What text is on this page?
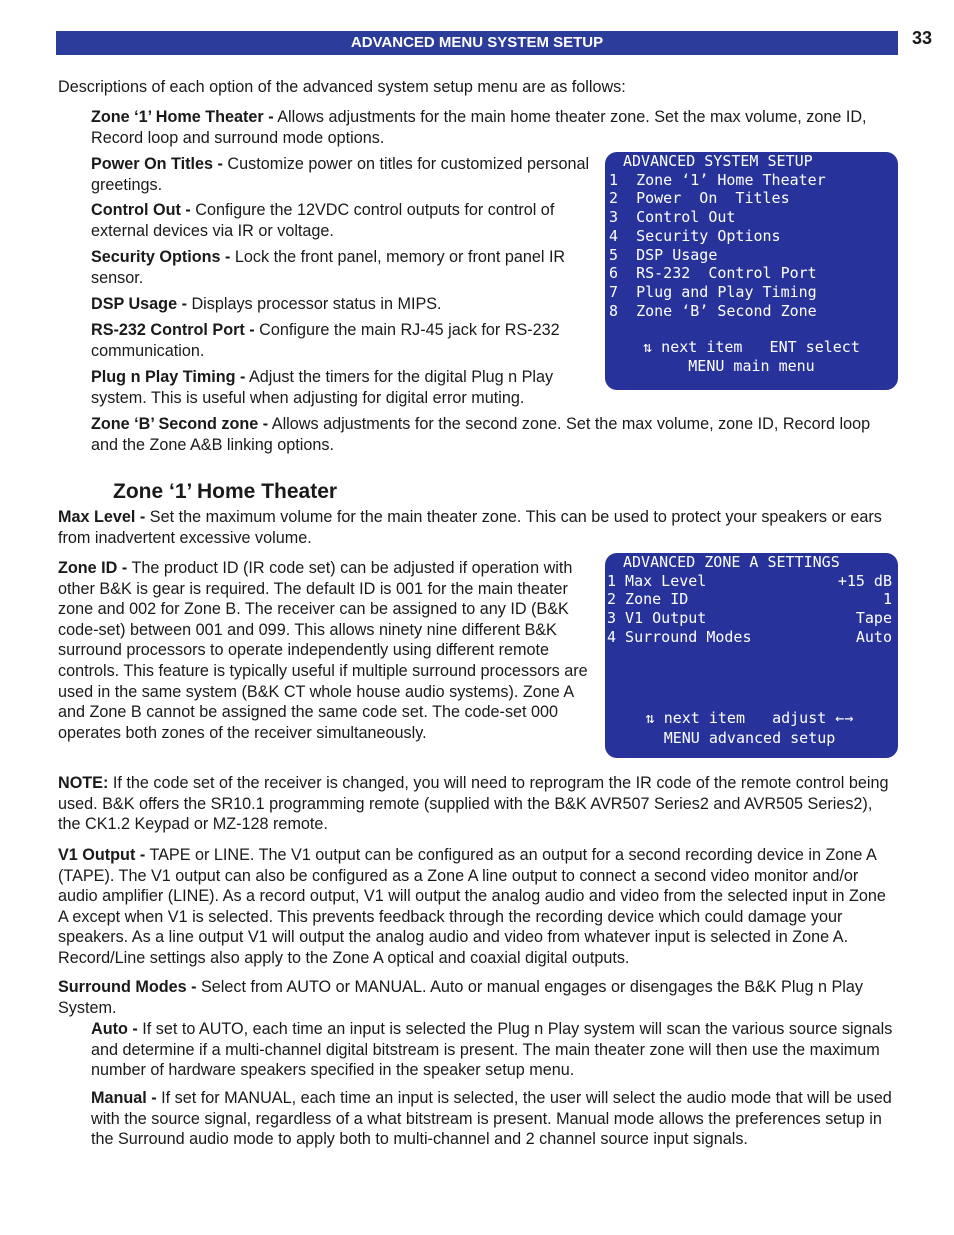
ADVANCED MENU SYSTEM SETUP	33

Descriptions of each option of the advanced system setup menu are as follows:

Zone ‘1’ Home Theater - Allows adjustments for the main home theater zone. Set the max volume, zone ID, Record loop and surround mode options.

Power On Titles - Customize power on titles for customized personal greetings.

Control Out - Configure the 12VDC control outputs for control of external devices via IR or voltage.

Security Options - Lock the front panel, memory or front panel IR sensor.

DSP Usage - Displays processor status in MIPS.

RS-232 Control Port - Configure the main RJ-45 jack for RS-232 communication.

Plug n Play Timing - Adjust the timers for the digital Plug n Play system. This is useful when adjusting for digital error muting.

Zone ‘B’ Second zone - Allows adjustments for the second zone. Set the max volume, zone ID, Record loop and the Zone A&B linking options.

ADVANCED SYSTEM SETUP
1  Zone ‘1’ Home Theater
2  Power  On  Titles
3  Control Out
4  Security Options
5  DSP Usage
6  RS-232  Control Port
7  Plug and Play Timing
8  Zone ‘B’ Second Zone
⇅ next item   ENT select
MENU main menu
Zone ‘1’ Home Theater

Max Level - Set the maximum volume for the main theater zone. This can be used to protect your speakers or ears from inadvertent excessive volume.

Zone ID - The product ID (IR code set) can be adjusted if operation with other B&K is gear is required. The default ID is 001 for the main theater zone and 002 for Zone B. The receiver can be assigned to any ID (B&K code-set) between 001 and 099. This allows ninety nine different B&K surround processors to operate independently using different remote controls. This feature is typically useful if multiple surround processors are used in the same system (B&K CT whole house audio systems). Zone A and Zone B cannot be assigned the same code set. The code-set 000 operates both zones of the receiver simultaneously.

ADVANCED ZONE A SETTINGS
1 Max Level	+15 dB
2 Zone ID	1
3 V1 Output	Tape
4 Surround Modes	Auto
⇅ next item   adjust ←→
MENU advanced setup

NOTE: If the code set of the receiver is changed, you will need to reprogram the IR code of the remote control being used. B&K offers the SR10.1 programming remote (supplied with the B&K AVR507 Series2 and AVR505 Series2), the CK1.2 Keypad or MZ-128 remote.

V1 Output - TAPE or LINE. The V1 output can be configured as an output for a second recording device in Zone A (TAPE). The V1 output can also be configured as a Zone A line output to connect a second video monitor and/or audio amplifier (LINE). As a record output, V1 will output the analog audio and video from the selected input in Zone A except when V1 is selected. This prevents feedback through the recording device which could damage your speakers. As a line output V1 will output the analog audio and video from whatever input is selected in Zone A. Record/Line settings also apply to the Zone A optical and coaxial digital outputs.

Surround Modes - Select from AUTO or MANUAL. Auto or manual engages or disengages the B&K Plug n Play System.

Auto - If set to AUTO, each time an input is selected the Plug n Play system will scan the various source signals and determine if a multi-channel digital bitstream is present. The main theater zone will then use the maximum number of hardware speakers specified in the speaker setup menu.

Manual - If set for MANUAL, each time an input is selected, the user will select the audio mode that will be used with the source signal, regardless of a what bitstream is present. Manual mode allows the preferences setup in the Surround audio mode to apply both to multi-channel and 2 channel source input signals.
